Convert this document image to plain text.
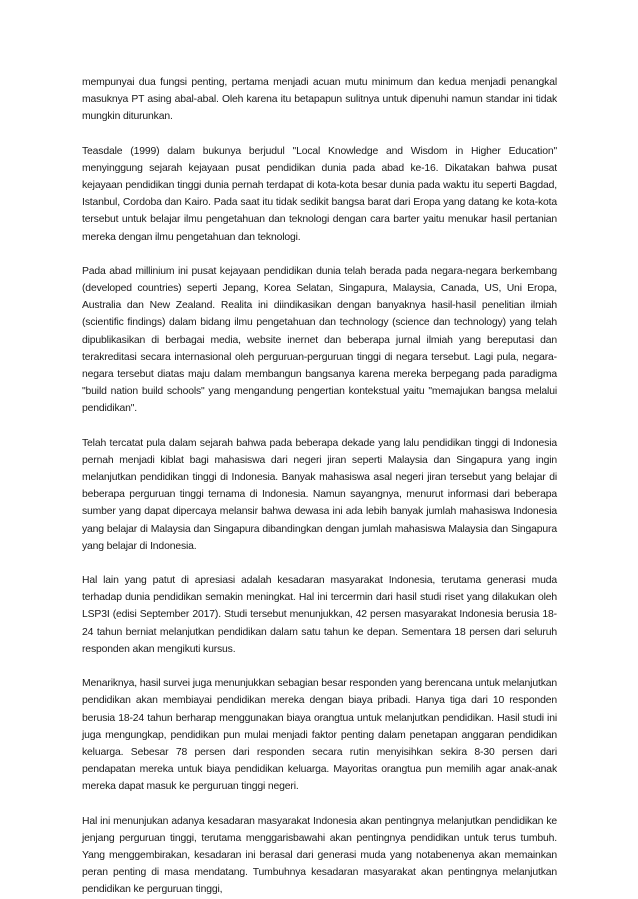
mempunyai dua fungsi penting, pertama menjadi acuan mutu minimum dan kedua menjadi penangkal masuknya PT asing abal-abal. Oleh karena itu betapapun sulitnya untuk dipenuhi namun standar ini tidak mungkin diturunkan.

Teasdale (1999) dalam bukunya berjudul "Local Knowledge and Wisdom in Higher Education" menyinggung sejarah kejayaan pusat pendidikan dunia pada abad ke-16. Dikatakan bahwa pusat kejayaan pendidikan tinggi dunia pernah terdapat di kota-kota besar dunia pada waktu itu seperti Bagdad, Istanbul, Cordoba dan Kairo. Pada saat itu tidak sedikit bangsa barat dari Eropa yang datang ke kota-kota tersebut untuk belajar ilmu pengetahuan dan teknologi dengan cara barter yaitu menukar hasil pertanian mereka dengan ilmu pengetahuan dan teknologi.

Pada abad millinium ini pusat kejayaan pendidikan dunia telah berada pada negara-negara berkembang (developed countries) seperti Jepang, Korea Selatan, Singapura, Malaysia, Canada, US, Uni Eropa, Australia dan New Zealand. Realita ini diindikasikan dengan banyaknya hasil-hasil penelitian ilmiah (scientific findings) dalam bidang ilmu pengetahuan dan technology (science dan technology) yang telah dipublikasikan di berbagai media, website inernet dan beberapa jurnal ilmiah yang bereputasi dan terakreditasi secara internasional oleh perguruan-perguruan tinggi di negara tersebut. Lagi pula, negara-negara tersebut diatas maju dalam membangun bangsanya karena mereka berpegang pada paradigma "build nation build schools" yang mengandung pengertian kontekstual yaitu "memajukan bangsa melalui pendidikan".

Telah tercatat pula dalam sejarah bahwa pada beberapa dekade yang lalu pendidikan tinggi di Indonesia pernah menjadi kiblat bagi mahasiswa dari negeri jiran seperti Malaysia dan Singapura yang ingin melanjutkan pendidikan tinggi di Indonesia. Banyak mahasiswa asal negeri jiran tersebut yang belajar di beberapa perguruan tinggi ternama di Indonesia. Namun sayangnya, menurut informasi dari beberapa sumber yang dapat dipercaya melansir bahwa dewasa ini ada lebih banyak jumlah mahasiswa Indonesia yang belajar di Malaysia dan Singapura dibandingkan dengan jumlah mahasiswa Malaysia dan Singapura yang belajar di Indonesia.

Hal lain yang patut di apresiasi adalah kesadaran masyarakat Indonesia, terutama generasi muda terhadap dunia pendidikan semakin meningkat. Hal ini tercermin dari hasil studi riset yang dilakukan oleh LSP3I (edisi September 2017). Studi tersebut menunjukkan, 42 persen masyarakat Indonesia berusia 18-24 tahun berniat melanjutkan pendidikan dalam satu tahun ke depan. Sementara 18 persen dari seluruh responden akan mengikuti kursus.

Menariknya, hasil survei juga menunjukkan sebagian besar responden yang berencana untuk melanjutkan pendidikan akan membiayai pendidikan mereka dengan biaya pribadi. Hanya tiga dari 10 responden berusia 18-24 tahun berharap menggunakan biaya orangtua untuk melanjutkan pendidikan. Hasil studi ini juga mengungkap, pendidikan pun mulai menjadi faktor penting dalam penetapan anggaran pendidikan keluarga. Sebesar 78 persen dari responden secara rutin menyisihkan sekira 8-30 persen dari pendapatan mereka untuk biaya pendidikan keluarga. Mayoritas orangtua pun memilih agar anak-anak mereka dapat masuk ke perguruan tinggi negeri.

Hal ini menunjukan adanya kesadaran masyarakat Indonesia akan pentingnya melanjutkan pendidikan ke jenjang perguruan tinggi, terutama menggarisbawahi akan pentingnya pendidikan untuk terus tumbuh. Yang menggembirakan, kesadaran ini berasal dari generasi muda yang notabenenya akan memainkan peran penting di masa mendatang. Tumbuhnya kesadaran masyarakat akan pentingnya melanjutkan pendidikan ke perguruan tinggi,
